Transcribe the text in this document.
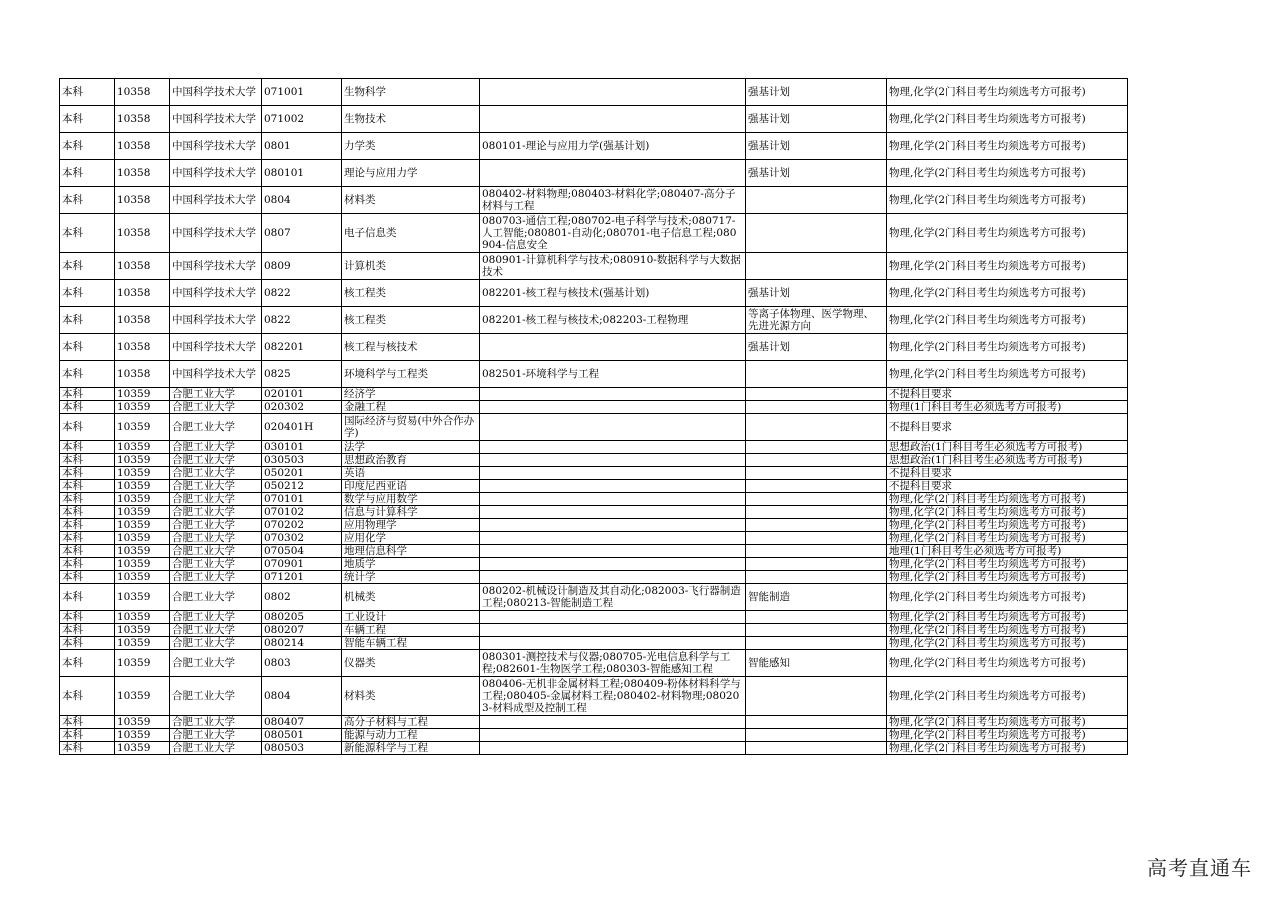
本科	10358	中国科学技术大学	071001	生物科学		强基计划	物理,化学(2门科目考生均须选考方可报考)
本科	10358	中国科学技术大学	071002	生物技术		强基计划	物理,化学(2门科目考生均须选考方可报考)
本科	10358	中国科学技术大学	0801	力学类	080101-理论与应用力学(强基计划)	强基计划	物理,化学(2门科目考生均须选考方可报考)
本科	10358	中国科学技术大学	080101	理论与应用力学		强基计划	物理,化学(2门科目考生均须选考方可报考)
本科	10358	中国科学技术大学	0804	材料类	080402-材料物理;080403-材料化学;080407-高分子材料与工程		物理,化学(2门科目考生均须选考方可报考)
本科	10358	中国科学技术大学	0807	电子信息类	080703-通信工程;080702-电子科学与技术;080717-人工智能;080801-自动化;080701-电子信息工程;080904-信息安全		物理,化学(2门科目考生均须选考方可报考)
本科	10358	中国科学技术大学	0809	计算机类	080901-计算机科学与技术;080910-数据科学与大数据技术		物理,化学(2门科目考生均须选考方可报考)
本科	10358	中国科学技术大学	0822	核工程类	082201-核工程与核技术(强基计划)	强基计划	物理,化学(2门科目考生均须选考方可报考)
本科	10358	中国科学技术大学	0822	核工程类	082201-核工程与核技术;082203-工程物理	等离子体物理、医学物理、先进光源方向	物理,化学(2门科目考生均须选考方可报考)
本科	10358	中国科学技术大学	082201	核工程与核技术		强基计划	物理,化学(2门科目考生均须选考方可报考)
本科	10358	中国科学技术大学	0825	环境科学与工程类	082501-环境科学与工程		物理,化学(2门科目考生均须选考方可报考)
本科	10359	合肥工业大学	020101	经济学			不提科目要求
本科	10359	合肥工业大学	020302	金融工程			物理(1门科目考生必须选考方可报考)
本科	10359	合肥工业大学	020401H	国际经济与贸易(中外合作办学)			不提科目要求
本科	10359	合肥工业大学	030101	法学			思想政治(1门科目考生必须选考方可报考)
本科	10359	合肥工业大学	030503	思想政治教育			思想政治(1门科目考生必须选考方可报考)
本科	10359	合肥工业大学	050201	英语			不提科目要求
本科	10359	合肥工业大学	050212	印度尼西亚语			不提科目要求
本科	10359	合肥工业大学	070101	数学与应用数学			物理,化学(2门科目考生均须选考方可报考)
本科	10359	合肥工业大学	070102	信息与计算科学			物理,化学(2门科目考生均须选考方可报考)
本科	10359	合肥工业大学	070202	应用物理学			物理,化学(2门科目考生均须选考方可报考)
本科	10359	合肥工业大学	070302	应用化学			物理,化学(2门科目考生均须选考方可报考)
本科	10359	合肥工业大学	070504	地理信息科学			地理(1门科目考生必须选考方可报考)
本科	10359	合肥工业大学	070901	地质学			物理,化学(2门科目考生均须选考方可报考)
本科	10359	合肥工业大学	071201	统计学			物理,化学(2门科目考生均须选考方可报考)
本科	10359	合肥工业大学	0802	机械类	080202-机械设计制造及其自动化;082003-飞行器制造工程;080213-智能制造工程	智能制造	物理,化学(2门科目考生均须选考方可报考)
本科	10359	合肥工业大学	080205	工业设计			物理,化学(2门科目考生均须选考方可报考)
本科	10359	合肥工业大学	080207	车辆工程			物理,化学(2门科目考生均须选考方可报考)
本科	10359	合肥工业大学	080214	智能车辆工程			物理,化学(2门科目考生均须选考方可报考)
本科	10359	合肥工业大学	0803	仪器类	080301-测控技术与仪器;080705-光电信息科学与工程;082601-生物医学工程;080303-智能感知工程	智能感知	物理,化学(2门科目考生均须选考方可报考)
本科	10359	合肥工业大学	0804	材料类	080406-无机非金属材料工程;080409-粉体材料科学与工程;080405-金属材料工程;080402-材料物理;080203-材料成型及控制工程		物理,化学(2门科目考生均须选考方可报考)
本科	10359	合肥工业大学	080407	高分子材料与工程			物理,化学(2门科目考生均须选考方可报考)
本科	10359	合肥工业大学	080501	能源与动力工程			物理,化学(2门科目考生均须选考方可报考)
本科	10359	合肥工业大学	080503	新能源科学与工程			物理,化学(2门科目考生均须选考方可报考)
高考直通车
